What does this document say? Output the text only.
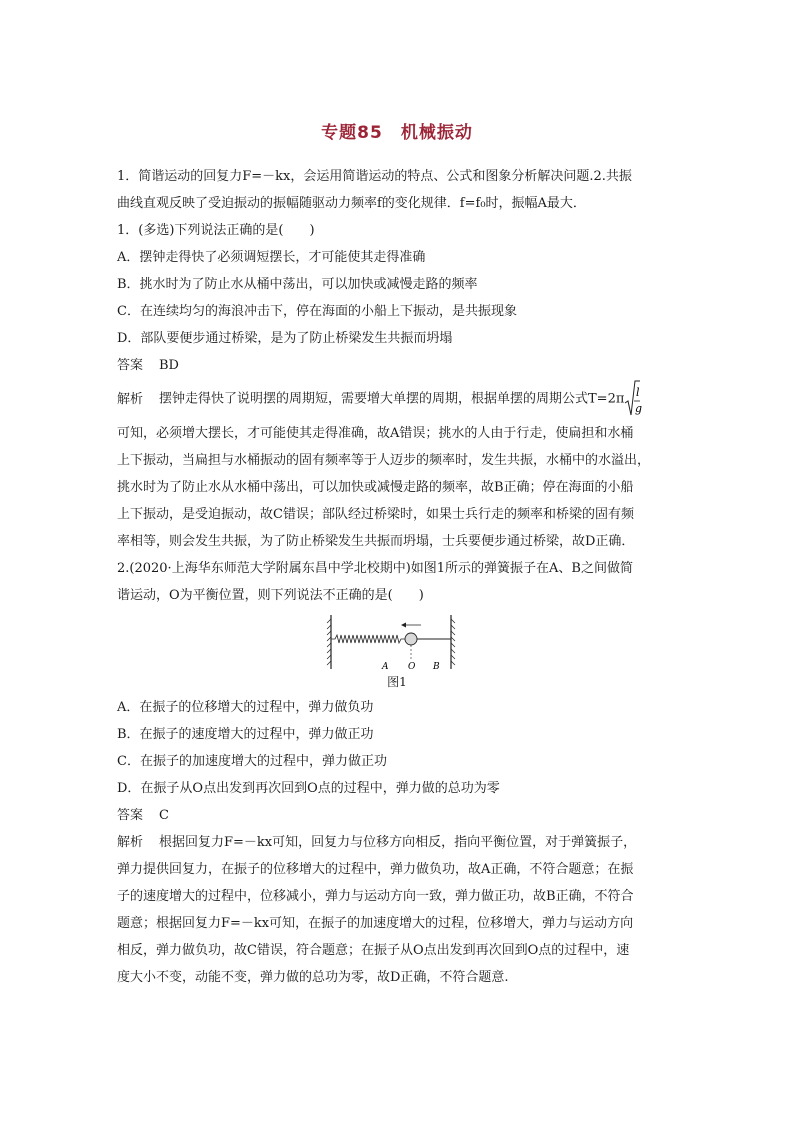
专题85　机械振动

1．简谐运动的回复力F=－kx，会运用简谐运动的特点、公式和图象分析解决问题.2.共振

曲线直观反映了受迫振动的振幅随驱动力频率f的变化规律．f=f₀时，振幅A最大．

1．(多选)下列说法正确的是(　　)

A．摆钟走得快了必须调短摆长，才可能使其走得准确

B．挑水时为了防止水从桶中荡出，可以加快或减慢走路的频率

C．在连续均匀的海浪冲击下，停在海面的小船上下振动，是共振现象

D．部队要便步通过桥梁，是为了防止桥梁发生共振而坍塌

答案 BD

解析 摆钟走得快了说明摆的周期短，需要增大单摆的周期，根据单摆的周期公式T=2π l
g

可知，必须增大摆长，才可能使其走得准确，故A错误；挑水的人由于行走，使扁担和水桶

上下振动，当扁担与水桶振动的固有频率等于人迈步的频率时，发生共振，水桶中的水溢出，

挑水时为了防止水从水桶中荡出，可以加快或减慢走路的频率，故B正确；停在海面的小船

上下振动，是受迫振动，故C错误；部队经过桥梁时，如果士兵行走的频率和桥梁的固有频

率相等，则会发生共振，为了防止桥梁发生共振而坍塌，士兵要便步通过桥梁，故D正确．

2.(2020·上海华东师范大学附属东昌中学北校期中)如图1所示的弹簧振子在A、B之间做简

谐运动，O为平衡位置，则下列说法不正确的是(　　)

A O B

图1

A．在振子的位移增大的过程中，弹力做负功

B．在振子的速度增大的过程中，弹力做正功

C．在振子的加速度增大的过程中，弹力做正功

D．在振子从O点出发到再次回到O点的过程中，弹力做的总功为零

答案 C

解析 根据回复力F=－kx可知，回复力与位移方向相反，指向平衡位置，对于弹簧振子，

弹力提供回复力，在振子的位移增大的过程中，弹力做负功，故A正确，不符合题意；在振

子的速度增大的过程中，位移减小，弹力与运动方向一致，弹力做正功，故B正确，不符合

题意；根据回复力F=－kx可知，在振子的加速度增大的过程，位移增大，弹力与运动方向

相反，弹力做负功，故C错误，符合题意；在振子从O点出发到再次回到O点的过程中，速

度大小不变，动能不变，弹力做的总功为零，故D正确，不符合题意.
